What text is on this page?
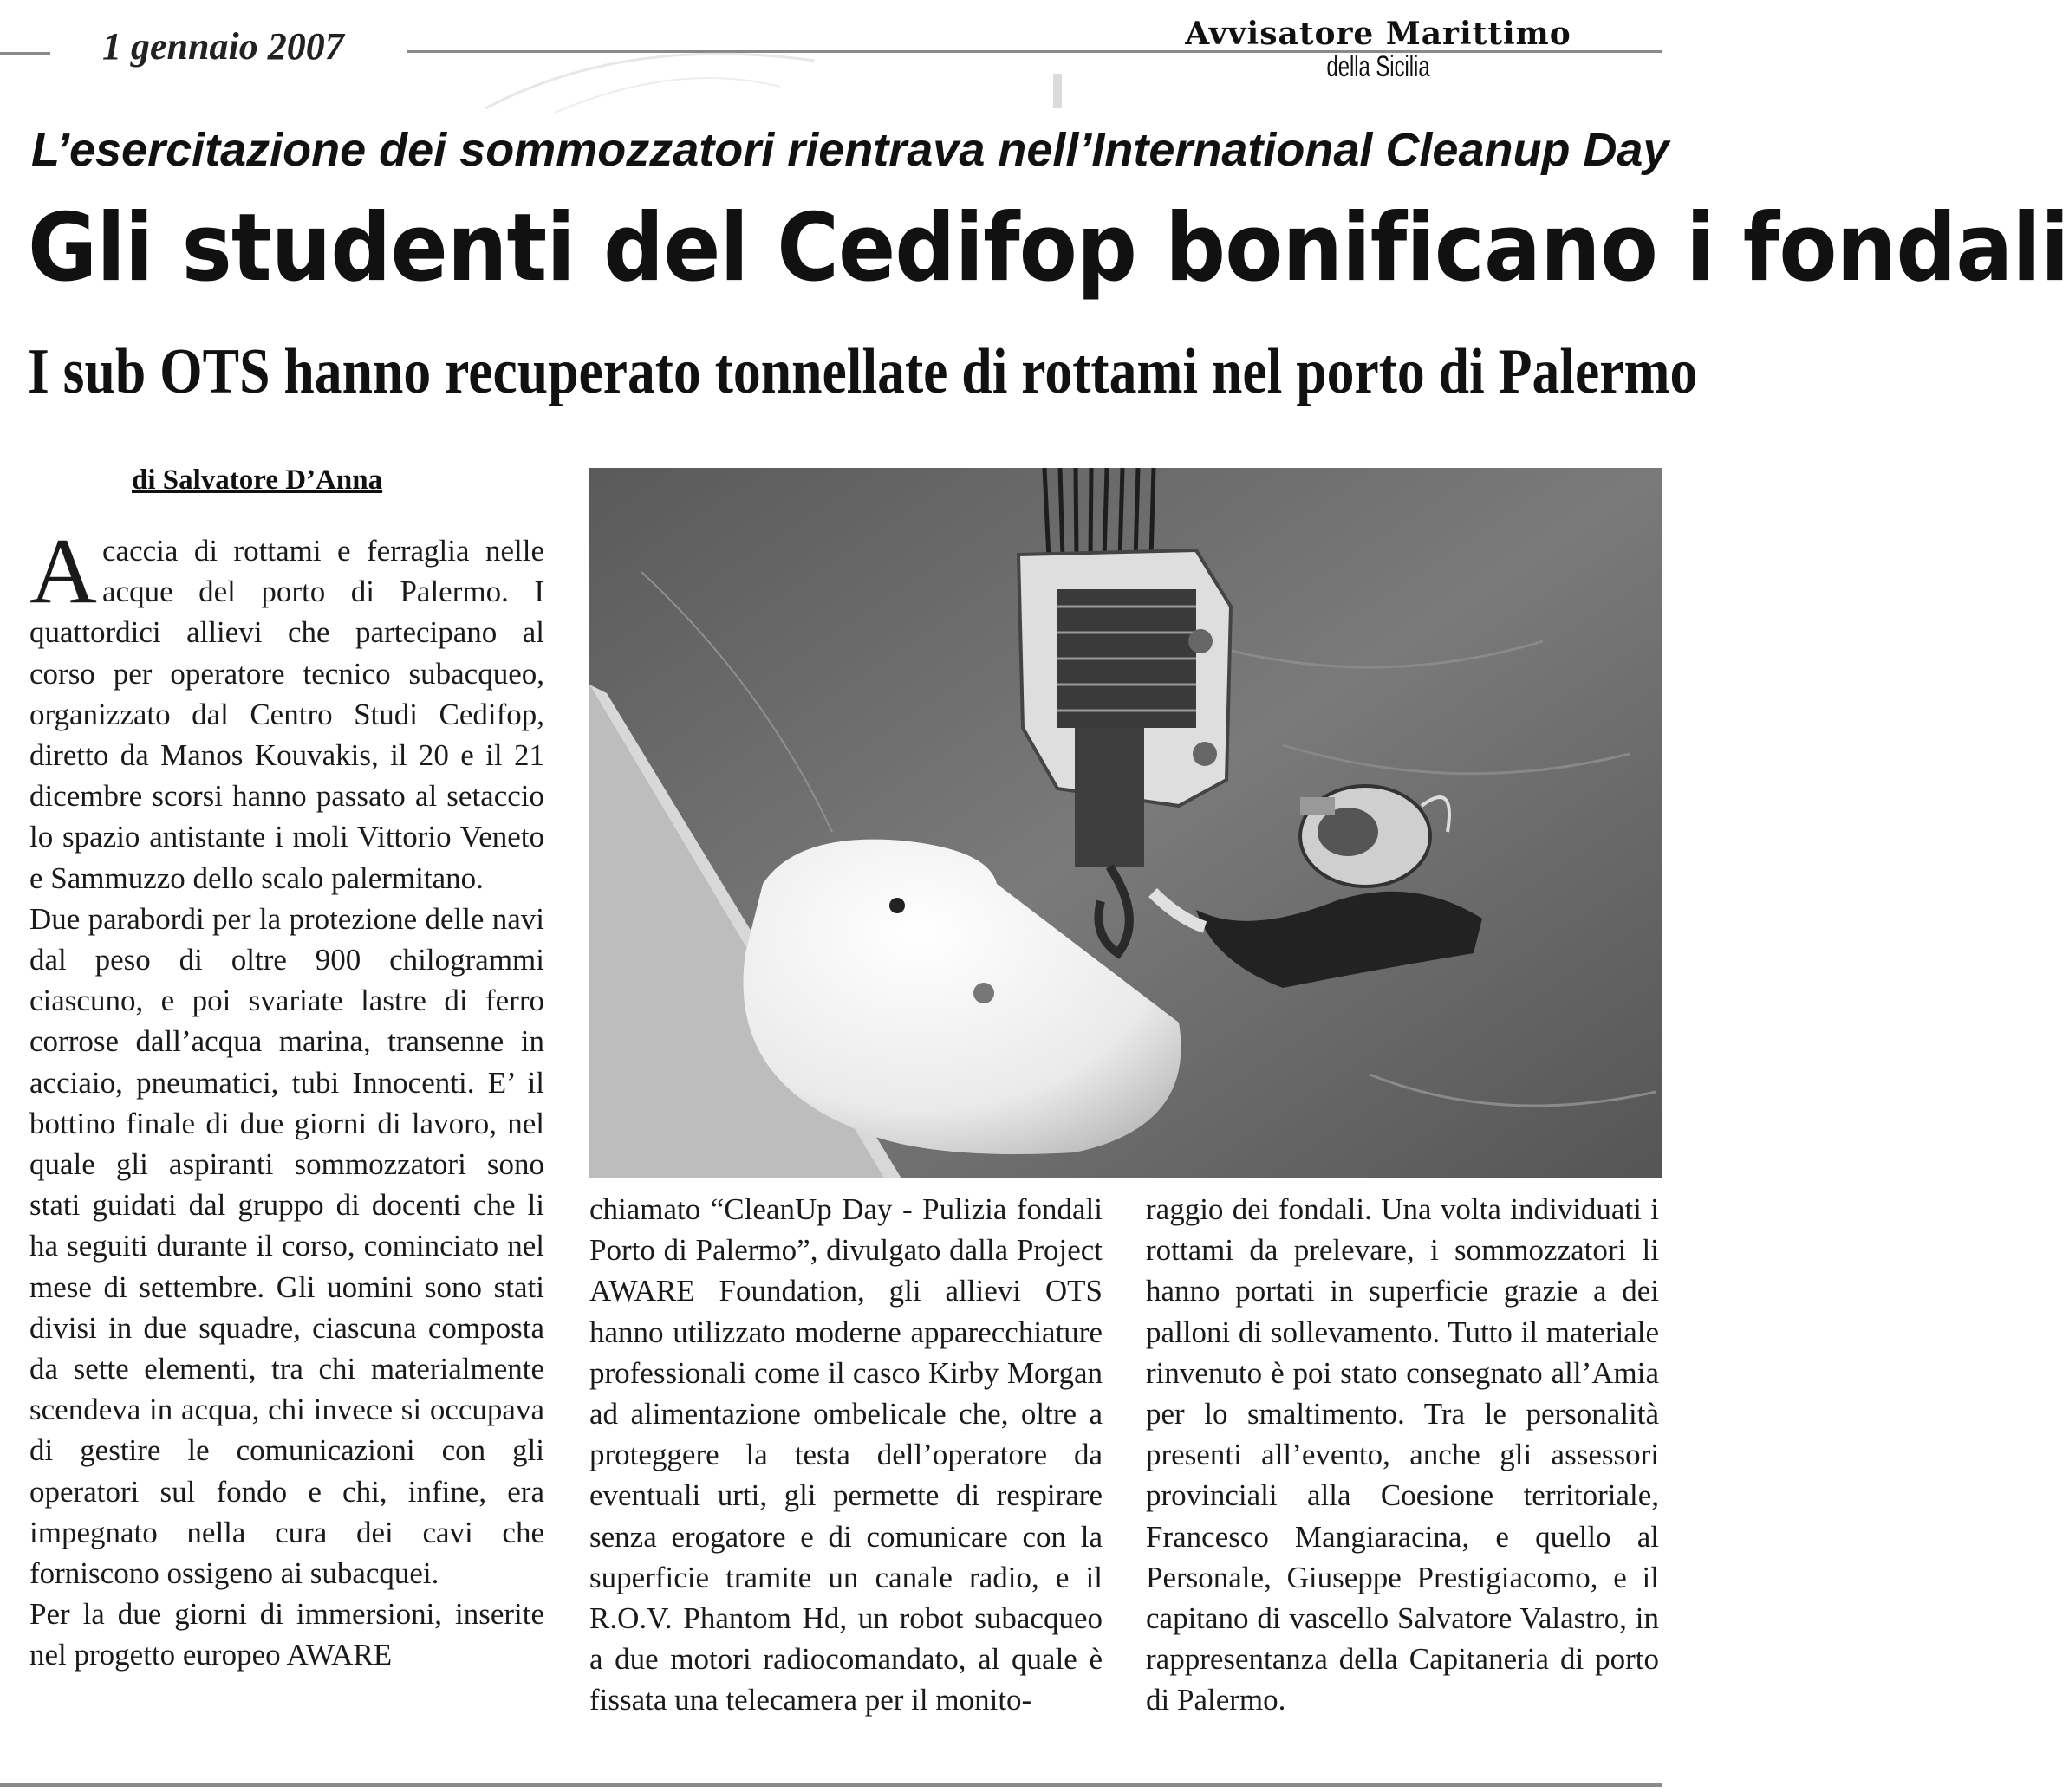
1 gennaio 2007	Avvisatore Marittimo
della Sicilia
L’esercitazione dei sommozzatori rientrava nell’International Cleanup Day
Gli studenti del Cedifop bonificano i fondali
I sub OTS hanno recuperato tonnellate di rottami nel porto di Palermo
di Salvatore D’Anna

Acaccia di rottami e ferraglia nelle acque del porto di Palermo. I quattordici allievi che partecipano al corso per operatore tecnico subacqueo, organizzato dal Centro Studi Cedifop, diretto da Manos Kouvakis, il 20 e il 21 dicembre scorsi hanno passato al setaccio lo spazio antistante i moli Vittorio Veneto e Sammuzzo dello scalo palermitano.

Due parabordi per la protezione delle navi dal peso di oltre 900 chilogrammi ciascuno, e poi svariate lastre di ferro corrose dall’acqua marina, transenne in acciaio, pneumatici, tubi Innocenti. E’ il bottino finale di due giorni di lavoro, nel quale gli aspiranti sommozzatori sono stati guidati dal gruppo di docenti che li ha seguiti durante il corso, cominciato nel mese di settembre. Gli uomini sono stati divisi in due squadre, ciascuna composta da sette elementi, tra chi materialmente scendeva in acqua, chi invece si occupava di gestire le comunicazioni con gli operatori sul fondo e chi, infine, era impegnato nella cura dei cavi che forniscono ossigeno ai subacquei.

Per la due giorni di immersioni, inserite nel progetto europeo AWARE

chiamato “CleanUp Day - Pulizia fondali Porto di Palermo”, divulgato dalla Project AWARE Foundation, gli allievi OTS hanno utilizzato moderne apparecchiature professionali come il casco Kirby Morgan ad alimentazione ombelicale che, oltre a proteggere la testa dell’operatore da eventuali urti, gli permette di respirare senza erogatore e di comunicare con la superficie tramite un canale radio, e il R.O.V. Phantom Hd, un robot subacqueo a due motori radiocomandato, al quale è fissata una telecamera per il monito-

raggio dei fondali. Una volta individuati i rottami da prelevare, i sommozzatori li hanno portati in superficie grazie a dei palloni di sollevamento. Tutto il materiale rinvenuto è poi stato consegnato all’Amia per lo smaltimento. Tra le personalità presenti all’evento, anche gli assessori provinciali alla Coesione territoriale, Francesco Mangiaracina, e quello al Personale, Giuseppe Prestigiacomo, e il capitano di vascello Salvatore Valastro, in rappresentanza della Capitaneria di porto di Palermo.
